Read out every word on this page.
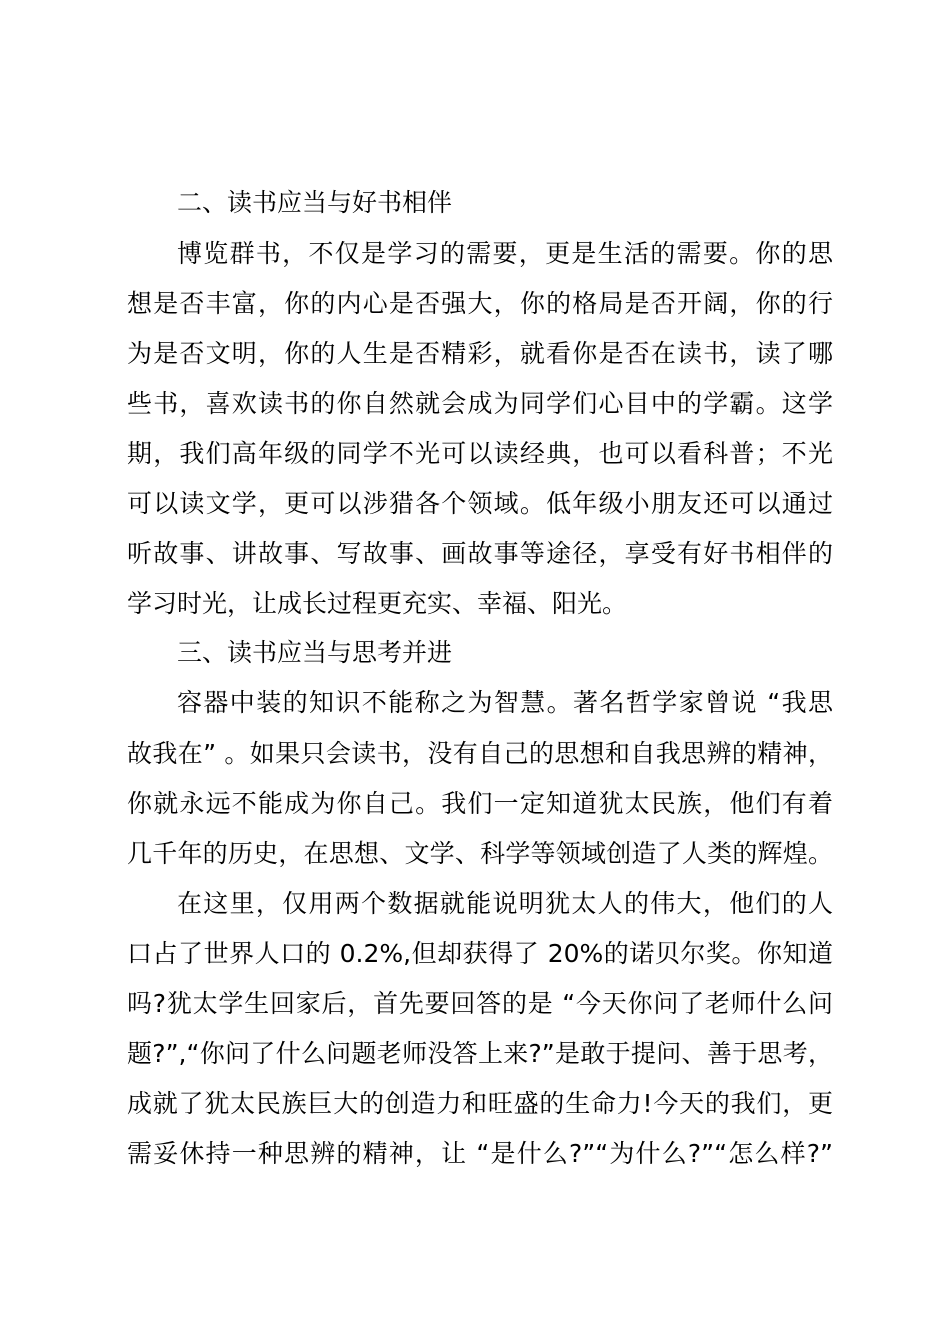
二、读书应当与好书相伴
博览群书，不仅是学习的需要，更是生活的需要。你的思
想是否丰富，你的内心是否强大，你的格局是否开阔，你的行
为是否文明，你的人生是否精彩，就看你是否在读书，读了哪
些书，喜欢读书的你自然就会成为同学们心目中的学霸。这学
期，我们高年级的同学不光可以读经典，也可以看科普；不光
可以读文学，更可以涉猎各个领域。低年级小朋友还可以通过
听故事、讲故事、写故事、画故事等途径，享受有好书相伴的
学习时光，让成长过程更充实、幸福、阳光。
三、读书应当与思考并进
容器中装的知识不能称之为智慧。著名哲学家曾说 “我思
故我在” 。如果只会读书，没有自己的思想和自我思辨的精神，
你就永远不能成为你自己。我们一定知道犹太民族，他们有着
几千年的历史，在思想、文学、科学等领域创造了人类的辉煌。
在这里，仅用两个数据就能说明犹太人的伟大，他们的人
口占了世界人口的 0.2%,但却获得了 20%的诺贝尔奖。你知道
吗?犹太学生回家后，首先要回答的是 “今天你问了老师什么问
题?”,“你问了什么问题老师没答上来?”是敢于提问、善于思考，
成就了犹太民族巨大的创造力和旺盛的生命力!今天的我们，更
需妥休持一种思辨的精神，让 “是什么?”“为什么?”“怎么样?”
